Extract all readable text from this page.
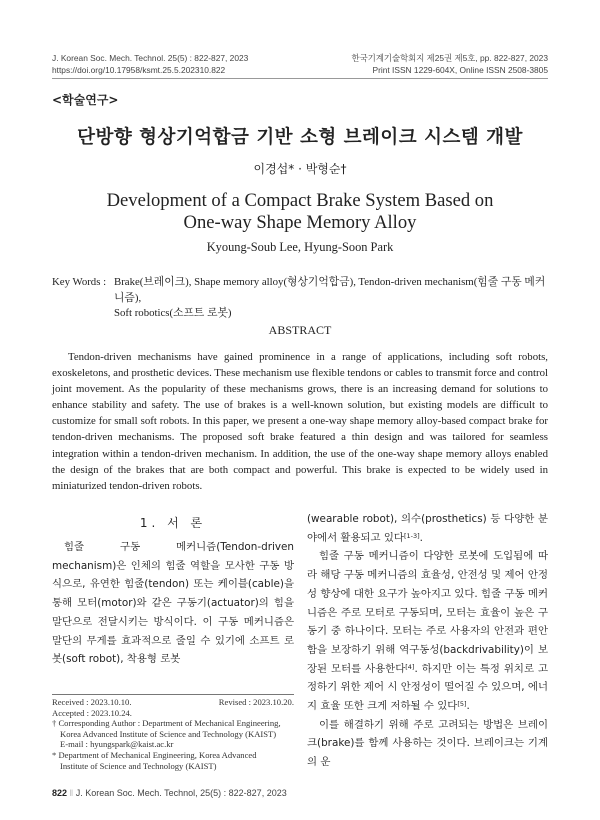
J. Korean Soc. Mech. Technol. 25(5) : 822-827, 2023
https://doi.org/10.17958/ksmt.25.5.202310.822
한국기계기술학회지 제25권 제5호, pp. 822-827, 2023
Print ISSN 1229-604X, Online ISSN 2508-3805
<학술연구>
단방향 형상기억합금 기반 소형 브레이크 시스템 개발
이경섭* · 박형순†
Development of a Compact Brake System Based on
One-way Shape Memory Alloy
Kyoung-Soub Lee, Hyung-Soon Park
Key Words : Brake(브레이크), Shape memory alloy(형상기억합금), Tendon-driven mechanism(힘줄 구동 메커니즘),
Soft robotics(소프트 로봇)
ABSTRACT

Tendon-driven mechanisms have gained prominence in a range of applications, including soft robots, exoskeletons, and prosthetic devices. These mechanism use flexible tendons or cables to transmit force and control joint movement. As the popularity of these mechanisms grows, there is an increasing demand for solutions to enhance stability and safety. The use of brakes is a well-known solution, but existing models are difficult to customize for small soft robots. In this paper, we present a one-way shape memory alloy-based compact brake for tendon-driven mechanisms. The proposed soft brake featured a thin design and was tailored for seamless integration within a tendon-driven mechanism. In addition, the use of the one-way shape memory alloys enabled the design of the brakes that are both compact and powerful. This brake is expected to be widely used in miniaturized tendon-driven robots.

1. 서 론

힘줄 구동 메커니즘(Tendon-driven mechanism)은 인체의 힘줄 역할을 모사한 구동 방식으로, 유연한 힘줄(tendon) 또는 케이블(cable)을 통해 모터(motor)와 같은 구동기(actuator)의 힘을 말단으로 전달시키는 방식이다. 이 구동 메커니즘은 말단의 무게를 효과적으로 줄일 수 있기에 소프트 로봇(soft robot), 착용형 로봇

(wearable robot), 의수(prosthetics) 등 다양한 분야에서 활용되고 있다[1-3].

힘줄 구동 메커니즘이 다양한 로봇에 도입됨에 따라 해당 구동 메커니즘의 효율성, 안전성 및 제어 안정성 향상에 대한 요구가 높아지고 있다. 힘줄 구동 메커니즘은 주로 모터로 구동되며, 모터는 효율이 높은 구동기 중 하나이다. 모터는 주로 사용자의 안전과 편안함을 보장하기 위해 역구동성(backdrivability)이 보장된 모터를 사용한다[4]. 하지만 이는 특정 위치로 고정하기 위한 제어 시 안정성이 떨어질 수 있으며, 에너지 효율 또한 크게 저하될 수 있다[5].

이를 해결하기 위해 주로 고려되는 방법은 브레이크(brake)를 함께 사용하는 것이다. 브레이크는 기계의 운

Received : 2023.10.10.	Revised : 2023.10.20.
Accepted : 2023.10.24.
† Corresponding Author : Department of Mechanical Engineering,
Korea Advanced Institute of Science and Technology (KAIST)
E-mail : hyungspark@kaist.ac.kr
* Department of Mechanical Engineering, Korea Advanced
Institute of Science and Technology (KAIST)
822 ‖ J. Korean Soc. Mech. Technol, 25(5) : 822-827, 2023
